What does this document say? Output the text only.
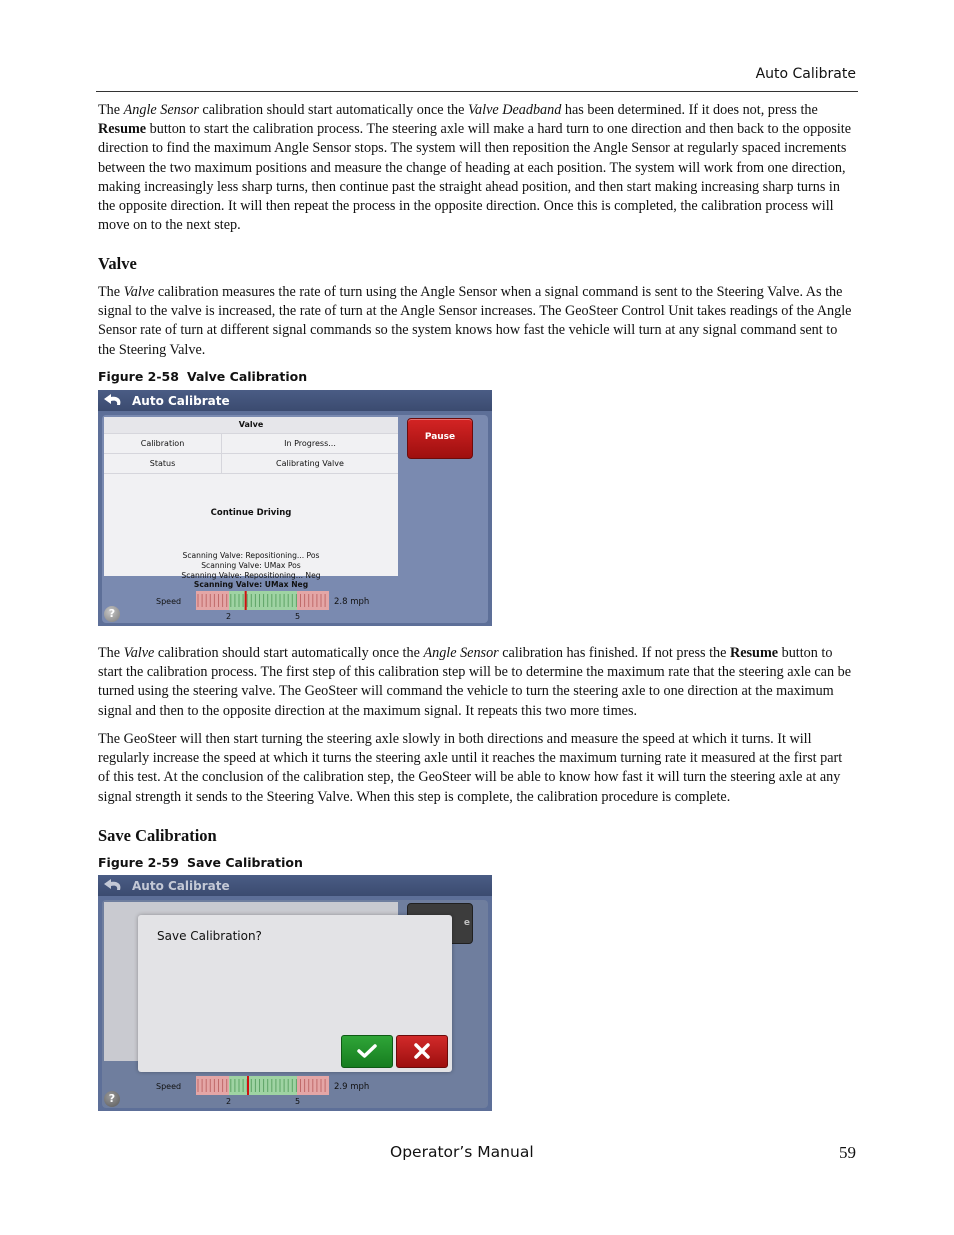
Auto Calibrate

The Angle Sensor calibration should start automatically once the Valve Deadband has been determined. If it does not, press the Resume button to start the calibration process. The steering axle will make a hard turn to one direction and then back to the opposite direction to find the maximum Angle Sensor stops. The system will then reposition the Angle Sensor at regularly spaced increments between the two maximum positions and measure the change of heading at each position. The system will work from one direction, making increasingly less sharp turns, then continue past the straight ahead position, and then start making increasing sharp turns in the opposite direction. It will then repeat the process in the opposite direction. Once this is completed, the calibration process will move on to the next step.

Valve

The Valve calibration measures the rate of turn using the Angle Sensor when a signal command is sent to the Steering Valve. As the signal to the valve is increased, the rate of turn at the Angle Sensor increases. The GeoSteer Control Unit takes readings of the Angle Sensor rate of turn at different signal commands so the system knows how fast the vehicle will turn at any signal command sent to the Steering Valve.

Figure 2-58 Valve Calibration
Auto Calibrate
Valve
Calibration	In Progress...
Status	Calibrating Valve
Continue Driving
Scanning Valve: Repositioning... Pos
Scanning Valve: UMax Pos
Scanning Valve: Repositioning... Neg
Scanning Valve: UMax Neg
Pause
?
Speed	2.8 mph
2	5

The Valve calibration should start automatically once the Angle Sensor calibration has finished. If not press the Resume button to start the calibration process. The first step of this calibration step will be to determine the maximum rate that the steering axle can be turned using the steering valve. The GeoSteer will command the vehicle to turn the steering axle to one direction at the maximum signal and then to the opposite direction at the maximum signal. It repeats this two more times.

The GeoSteer will then start turning the steering axle slowly in both directions and measure the speed at which it turns. It will regularly increase the speed at which it turns the steering axle until it reaches the maximum turning rate it measured at the first part of this test. At the conclusion of the calibration step, the GeoSteer will be able to know how fast it will turn the steering axle at any signal strength it sends to the Steering Valve. When this step is complete, the calibration procedure is complete.

Save Calibration
Figure 2-59 Save Calibration
Auto Calibrate
e
?
Speed	2.9 mph
2	5
Save Calibration?
Operator’s Manual	59
